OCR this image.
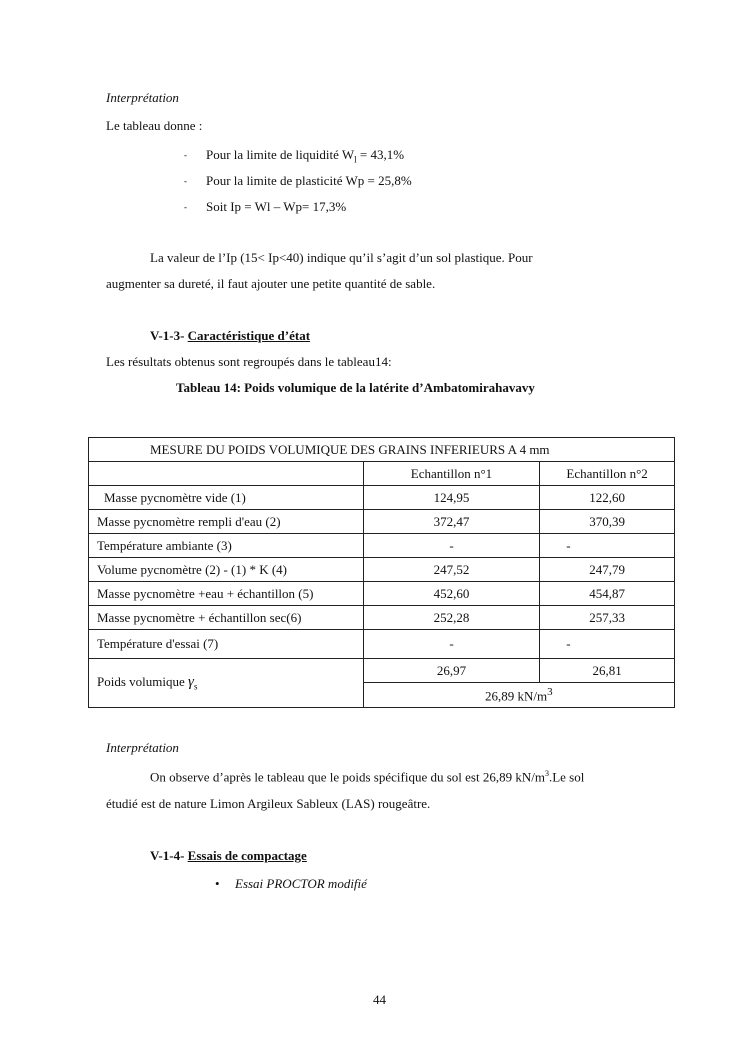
Interprétation
Le tableau donne :
- Pour la limite de liquidité $W_l = 43,1\%$
- Pour la limite de plasticité Wp = 25,8%
- Soit Ip = Wl – Wp= 17,3%
La valeur de l’Ip (15< Ip<40) indique qu’il s’agit d’un sol plastique. Pour
augmenter sa dureté, il faut ajouter une petite quantité de sable.
V-1-3- Caractéristique d’état
Les résultats obtenus sont regroupés dans le tableau14:
Tableau 14: Poids volumique de la latérite d’Ambatomirahavavy
MESURE DU POIDS VOLUMIQUE DES GRAINS INFERIEURS A 4 mm		
	Echantillon n°1	Echantillon n°2
Masse pycnomètre vide (1)	124,95	122,60
Masse pycnomètre rempli d'eau (2)	372,47	370,39
Température ambiante (3)	-	-
Volume pycnomètre (2) - (1) * K (4)	247,52	247,79
Masse pycnomètre +eau + échantillon (5)	452,60	454,87
Masse pycnomètre + échantillon sec(6)	252,28	257,33
Température d'essai (7)	-	-
Poids volumique $\gamma_s$	26,97	26,81
	26,89 $kN/m^3$
Interprétation
On observe d’après le tableau que le poids spécifique du sol est 26,89 $kN/m^3.Le$ sol
étudié est de nature Limon Argileux Sableux (LAS) rougeâtre.
V-1-4- Essais de compactage
• Essai PROCTOR modifié
44
